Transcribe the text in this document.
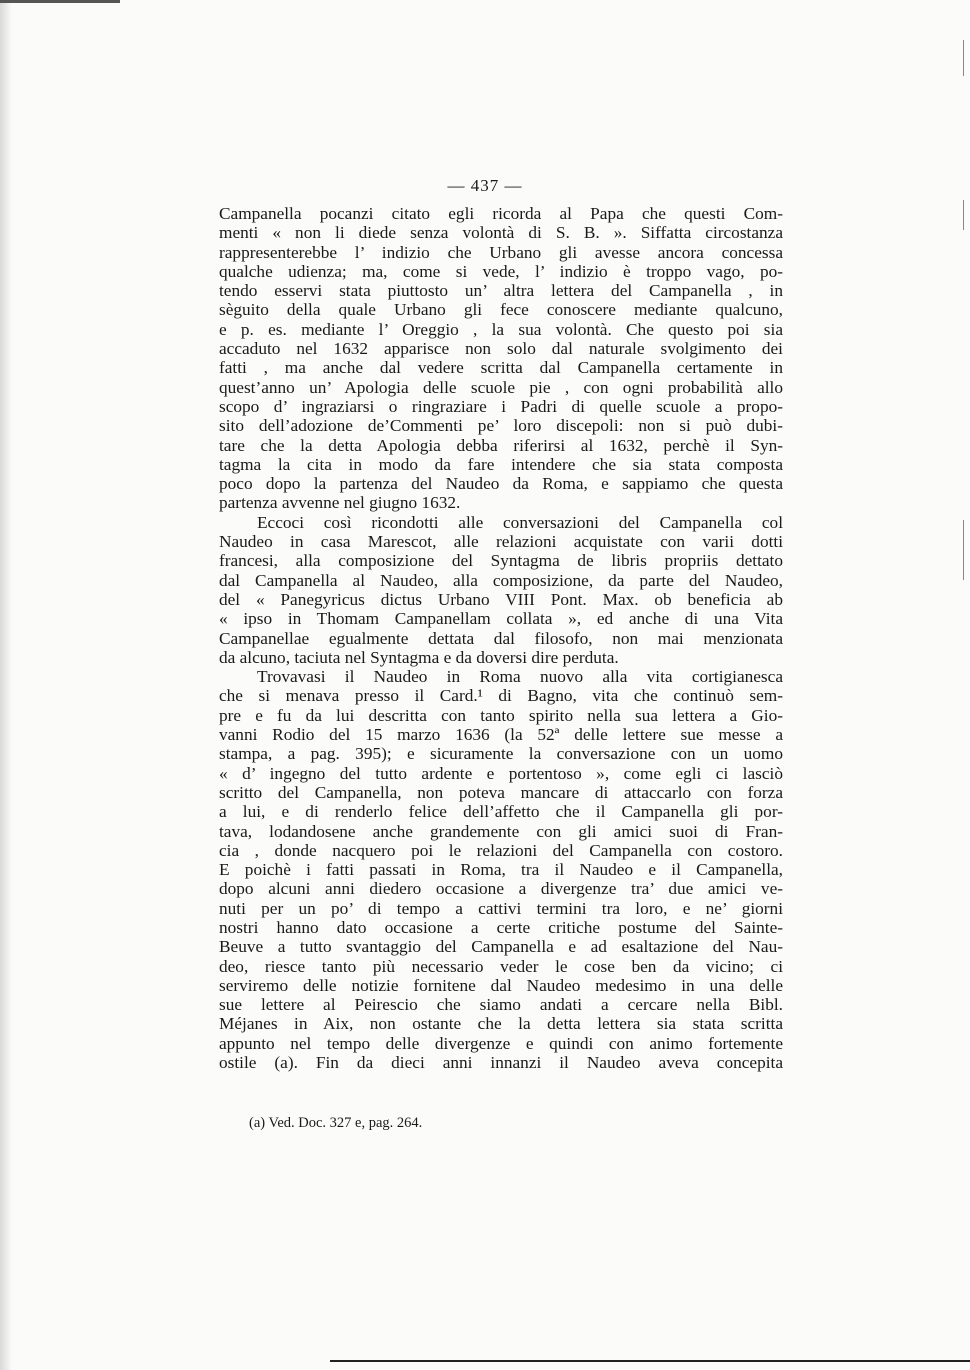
— 437 —
Campanella pocanzi citato egli ricorda al Papa che questi Com-
menti « non li diede senza volontà di S. B. ». Siffatta circostanza
rappresenterebbe l’ indizio che Urbano gli avesse ancora concessa
qualche udienza; ma, come si vede, l’ indizio è troppo vago, po-
tendo esservi stata piuttosto un’ altra lettera del Campanella , in
sèguito della quale Urbano gli fece conoscere mediante qualcuno,
e p. es. mediante l’ Oreggio , la sua volontà. Che questo poi sia
accaduto nel 1632 apparisce non solo dal naturale svolgimento dei
fatti , ma anche dal vedere scritta dal Campanella certamente in
quest’anno un’ Apologia delle scuole pie , con ogni probabilità allo
scopo d’ ingraziarsi o ringraziare i Padri di quelle scuole a propo-
sito dell’adozione de’Commenti pe’ loro discepoli: non si può dubi-
tare che la detta Apologia debba riferirsi al 1632, perchè il Syn-
tagma la cita in modo da fare intendere che sia stata composta
poco dopo la partenza del Naudeo da Roma, e sappiamo che questa
partenza avvenne nel giugno 1632.
Eccoci così ricondotti alle conversazioni del Campanella col
Naudeo in casa Marescot, alle relazioni acquistate con varii dotti
francesi, alla composizione del Syntagma de libris propriis dettato
dal Campanella al Naudeo, alla composizione, da parte del Naudeo,
del « Panegyricus dictus Urbano VIII Pont. Max. ob beneficia ab
« ipso in Thomam Campanellam collata », ed anche di una Vita
Campanellae egualmente dettata dal filosofo, non mai menzionata
da alcuno, taciuta nel Syntagma e da doversi dire perduta.
Trovavasi il Naudeo in Roma nuovo alla vita cortigianesca
che si menava presso il Card.¹ di Bagno, vita che continuò sem-
pre e fu da lui descritta con tanto spirito nella sua lettera a Gio-
vanni Rodio del 15 marzo 1636 (la 52ª delle lettere sue messe a
stampa, a pag. 395); e sicuramente la conversazione con un uomo
« d’ ingegno del tutto ardente e portentoso », come egli ci lasciò
scritto del Campanella, non poteva mancare di attaccarlo con forza
a lui, e di renderlo felice dell’affetto che il Campanella gli por-
tava, lodandosene anche grandemente con gli amici suoi di Fran-
cia , donde nacquero poi le relazioni del Campanella con costoro.
E poichè i fatti passati in Roma, tra il Naudeo e il Campanella,
dopo alcuni anni diedero occasione a divergenze tra’ due amici ve-
nuti per un po’ di tempo a cattivi termini tra loro, e ne’ giorni
nostri hanno dato occasione a certe critiche postume del Sainte-
Beuve a tutto svantaggio del Campanella e ad esaltazione del Nau-
deo, riesce tanto più necessario veder le cose ben da vicino; ci
serviremo delle notizie fornitene dal Naudeo medesimo in una delle
sue lettere al Peirescio che siamo andati a cercare nella Bibl.
Méjanes in Aix, non ostante che la detta lettera sia stata scritta
appunto nel tempo delle divergenze e quindi con animo fortemente
ostile (a). Fin da dieci anni innanzi il Naudeo aveva concepita
(a) Ved. Doc. 327 e, pag. 264.
